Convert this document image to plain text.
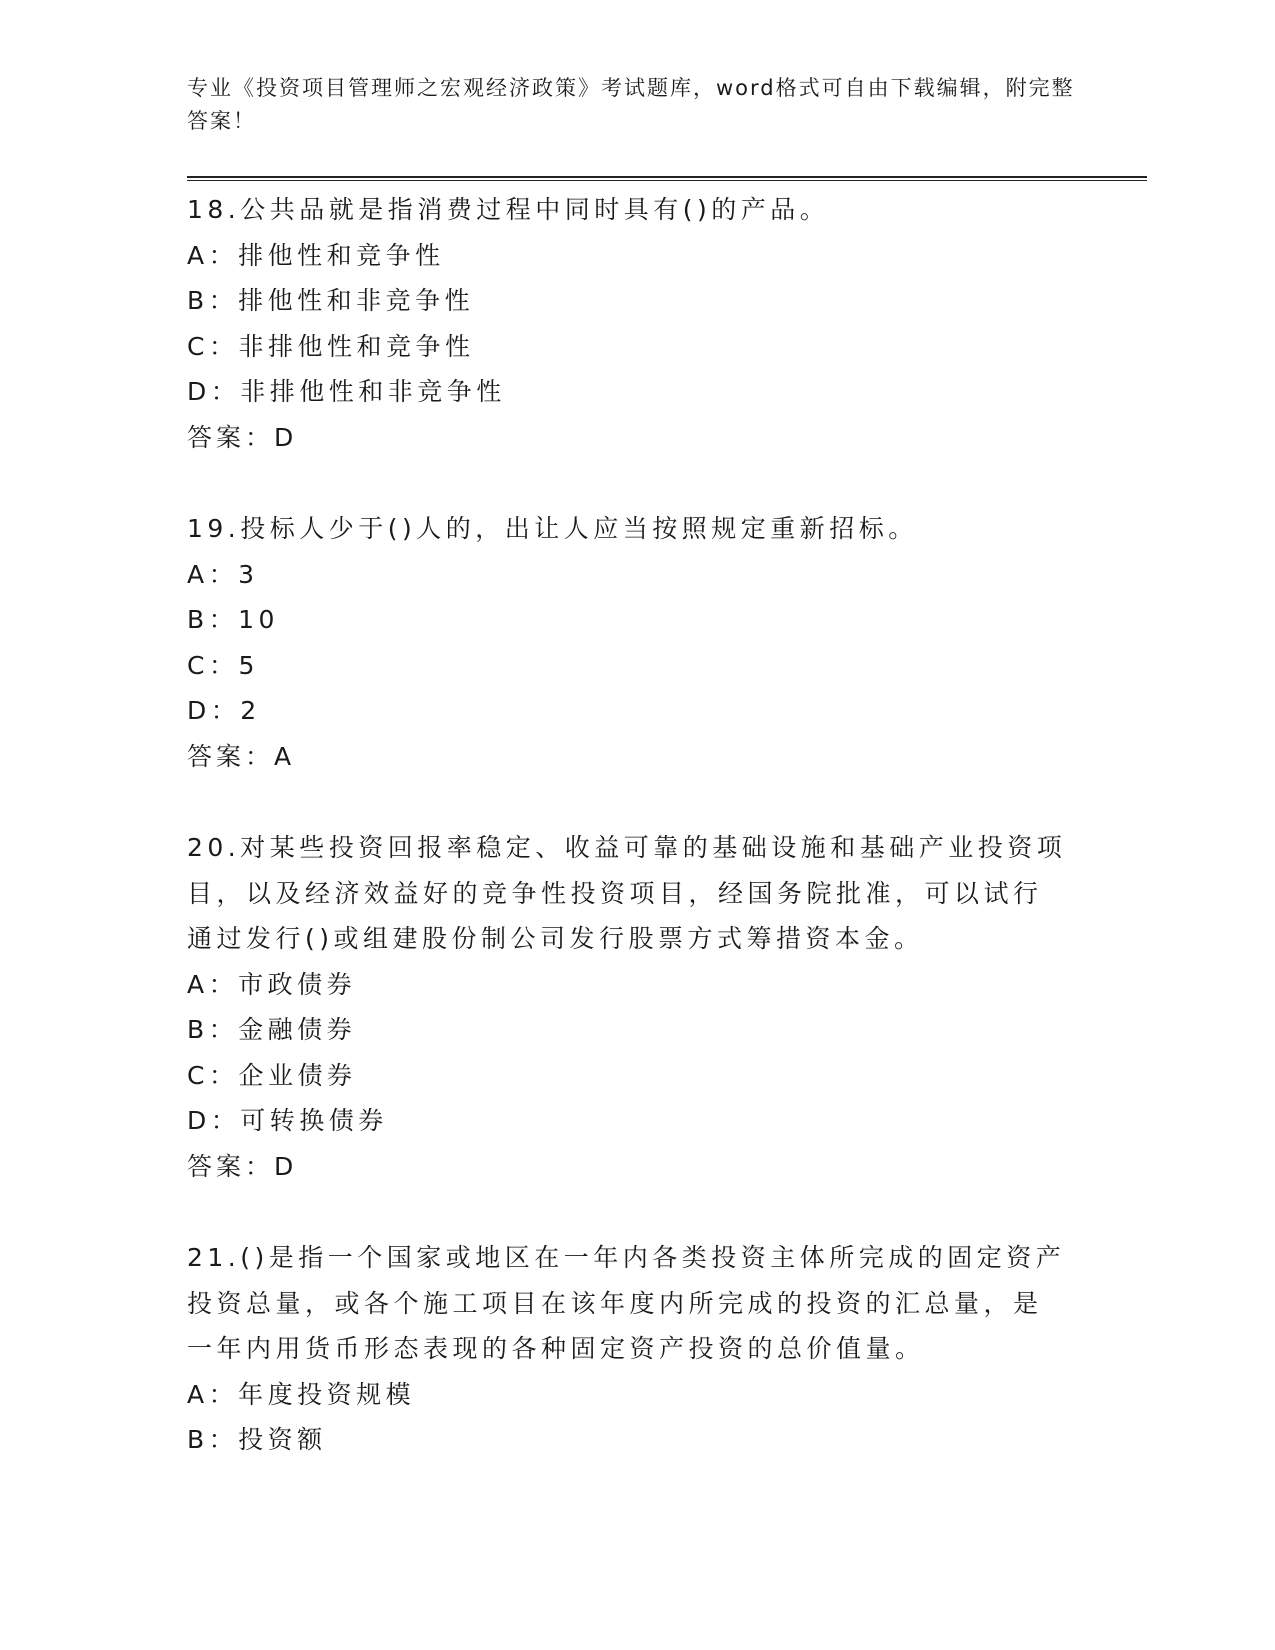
专业《投资项目管理师之宏观经济政策》考试题库，word格式可自由下载编辑，附完整答案！
18.公共品就是指消费过程中同时具有()的产品。
A：排他性和竞争性
B：排他性和非竞争性
C：非排他性和竞争性
D：非排他性和非竞争性
答案：D
19.投标人少于()人的，出让人应当按照规定重新招标。
A：3
B：10
C：5
D：2
答案：A
20.对某些投资回报率稳定、收益可靠的基础设施和基础产业投资项目，以及经济效益好的竞争性投资项目，经国务院批准，可以试行通过发行()或组建股份制公司发行股票方式筹措资本金。
A：市政债券
B：金融债券
C：企业债券
D：可转换债券
答案：D
21.()是指一个国家或地区在一年内各类投资主体所完成的固定资产投资总量，或各个施工项目在该年度内所完成的投资的汇总量，是一年内用货币形态表现的各种固定资产投资的总价值量。
A：年度投资规模
B：投资额
